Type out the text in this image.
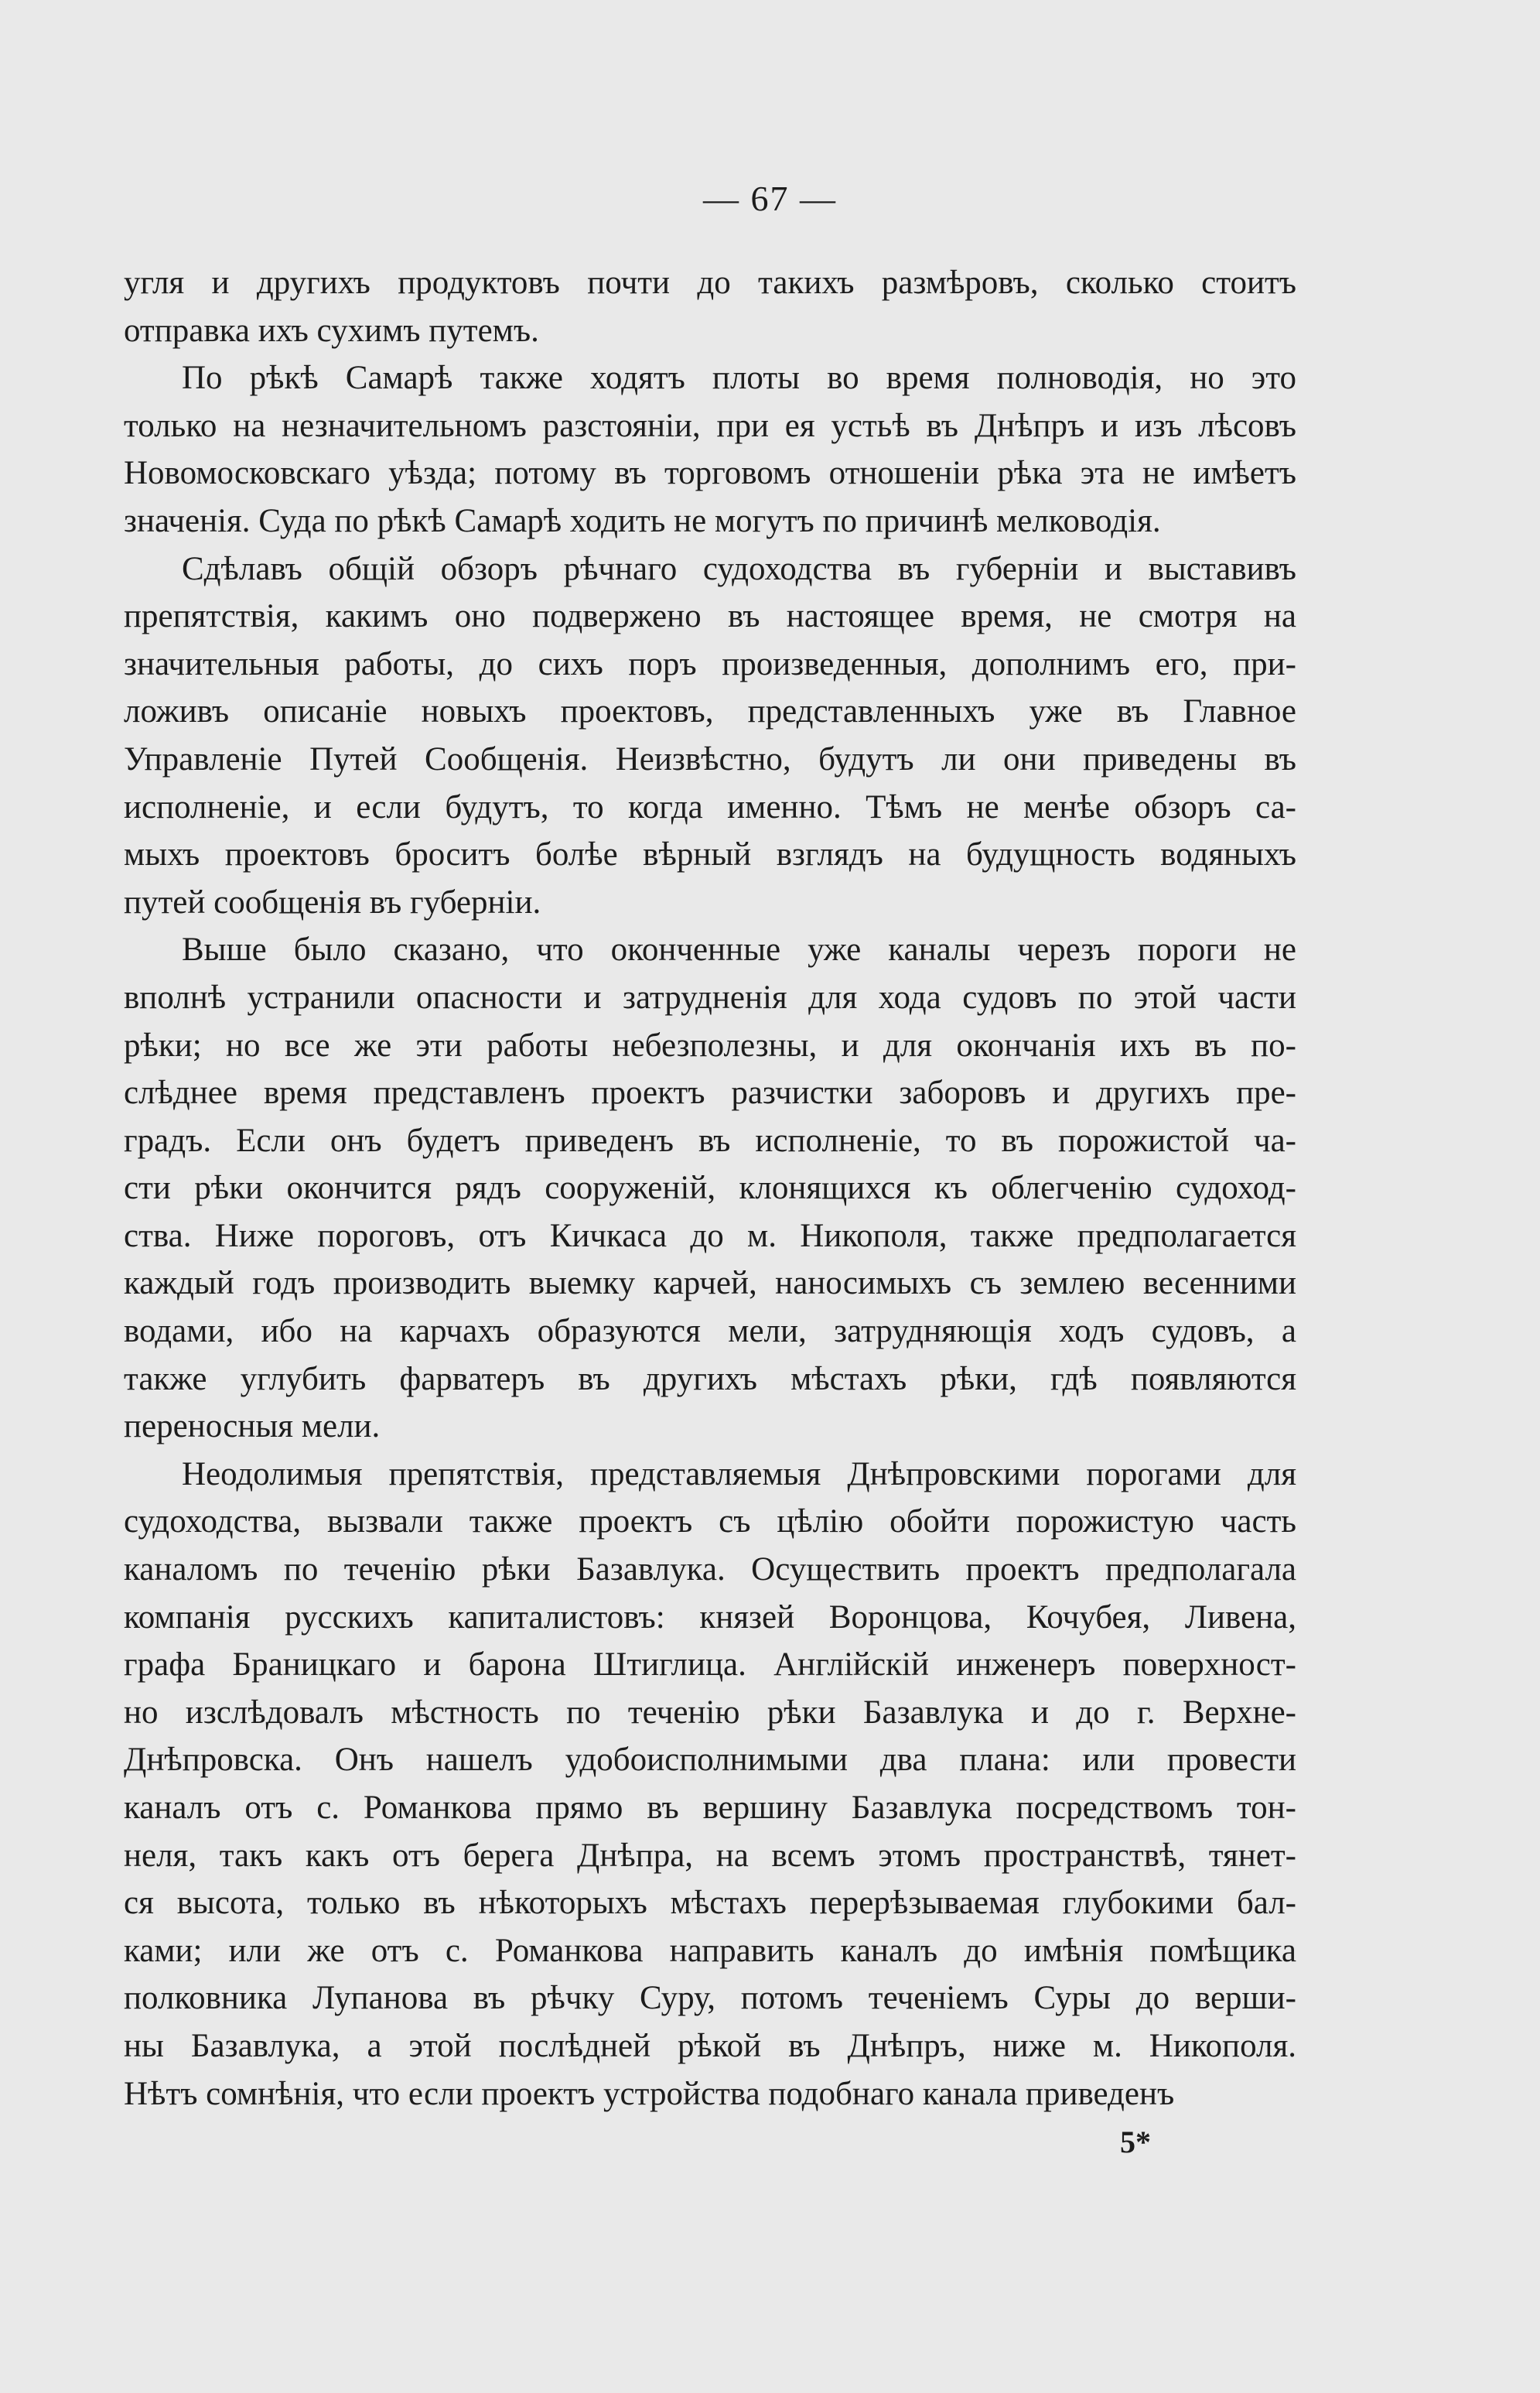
— 67 —
угля и другихъ продуктовъ почти до такихъ размѣровъ, сколько стоитъ
отправка ихъ сухимъ путемъ.
По рѣкѣ Самарѣ также ходятъ плоты во время полноводія, но это
только на незначительномъ разстояніи, при ея устьѣ въ Днѣпръ и изъ лѣсовъ
Новомосковскаго уѣзда; потому въ торговомъ отношеніи рѣка эта не имѣетъ
значенія. Суда по рѣкѣ Самарѣ ходить не могутъ по причинѣ мелководія.
Сдѣлавъ общій обзоръ рѣчнаго судоходства въ губерніи и выставивъ
препятствія, какимъ оно подвержено въ настоящее время, не смотря на
значительныя работы, до сихъ поръ произведенныя, дополнимъ его, при-
ложивъ описаніе новыхъ проектовъ, представленныхъ уже въ Главное
Управленіе Путей Сообщенія. Неизвѣстно, будутъ ли они приведены въ
исполненіе, и если будутъ, то когда именно. Тѣмъ не менѣе обзоръ са-
мыхъ проектовъ броситъ болѣе вѣрный взглядъ на будущность водяныхъ
путей сообщенія въ губерніи.
Выше было сказано, что оконченные уже каналы черезъ пороги не
вполнѣ устранили опасности и затрудненія для хода судовъ по этой части
рѣки; но все же эти работы небезполезны, и для окончанія ихъ въ по-
слѣднее время представленъ проектъ разчистки заборовъ и другихъ пре-
градъ. Если онъ будетъ приведенъ въ исполненіе, то въ порожистой ча-
сти рѣки окончится рядъ сооруженій, клонящихся къ облегченію судоход-
ства. Ниже пороговъ, отъ Кичкаса до м. Никополя, также предполагается
каждый годъ производить выемку карчей, наносимыхъ съ землею весенними
водами, ибо на карчахъ образуются мели, затрудняющія ходъ судовъ, а
также углубить фарватеръ въ другихъ мѣстахъ рѣки, гдѣ появляются
переносныя мели.
Неодолимыя препятствія, представляемыя Днѣпровскими порогами для
судоходства, вызвали также проектъ съ цѣлію обойти порожистую часть
каналомъ по теченію рѣки Базавлука. Осуществить проектъ предполагала
компанія русскихъ капиталистовъ: князей Воронцова, Кочубея, Ливена,
графа Браницкаго и барона Штиглица. Англійскій инженеръ поверхност-
но изслѣдовалъ мѣстность по теченію рѣки Базавлука и до г. Верхне-
Днѣпровска. Онъ нашелъ удобоисполнимыми два плана: или провести
каналъ отъ с. Романкова прямо въ вершину Базавлука посредствомъ тон-
неля, такъ какъ отъ берега Днѣпра, на всемъ этомъ пространствѣ, тянет-
ся высота, только въ нѣкоторыхъ мѣстахъ перерѣзываемая глубокими бал-
ками; или же отъ с. Романкова направить каналъ до имѣнія помѣщика
полковника Лупанова въ рѣчку Суру, потомъ теченіемъ Суры до верши-
ны Базавлука, а этой послѣдней рѣкой въ Днѣпръ, ниже м. Никополя.
Нѣтъ сомнѣнія, что если проектъ устройства подобнаго канала приведенъ
5*
